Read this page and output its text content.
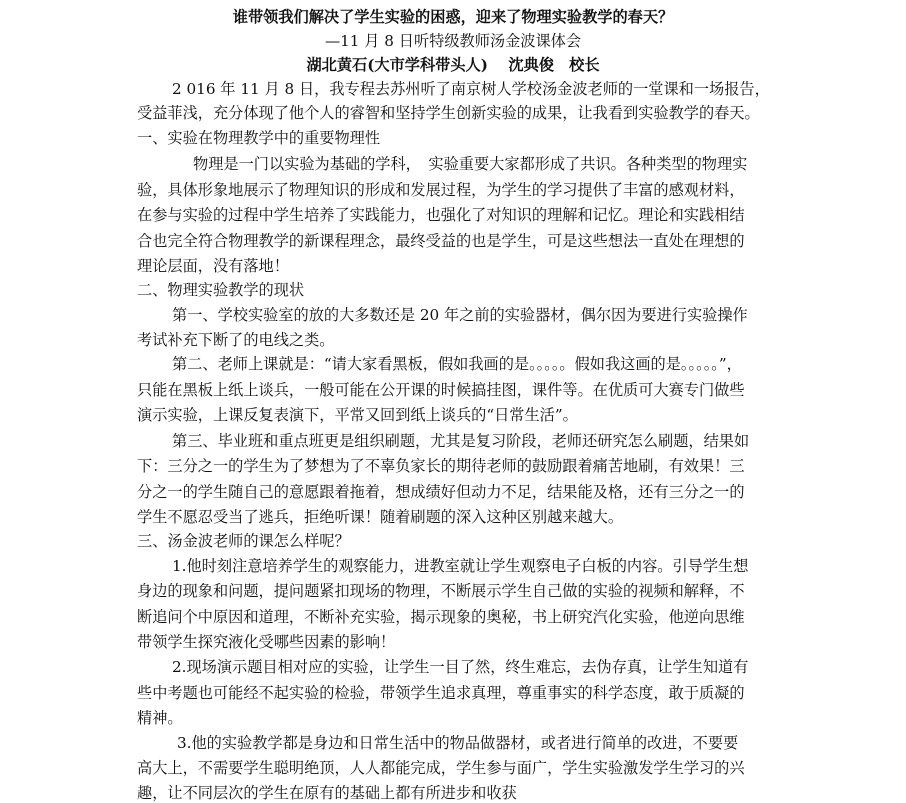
谁带领我们解决了学生实验的困惑，迎来了物理实验教学的春天？
—11 月 8 日听特级教师汤金波课体会
湖北黄石(大市学科带头人)　 沈典俊　校长
2 016 年 11 月 8 日，我专程去苏州听了南京树人学校汤金波老师的一堂课和一场报告，
受益菲浅，充分体现了他个人的睿智和坚持学生创新实验的成果，让我看到实验教学的春天。
一、实验在物理教学中的重要物理性
物理是一门以实验为基础的学科，　实验重要大家都形成了共识。各种类型的物理实
验，具体形象地展示了物理知识的形成和发展过程，为学生的学习提供了丰富的感观材料，
在参与实验的过程中学生培养了实践能力，也强化了对知识的理解和记忆。理论和实践相结
合也完全符合物理教学的新课程理念，最终受益的也是学生，可是这些想法一直处在理想的
理论层面，没有落地！
二、物理实验教学的现状
第一、学校实验室的放的大多数还是 20 年之前的实验器材，偶尔因为要进行实验操作
考试补充下断了的电线之类。
第二、老师上课就是：“请大家看黑板，假如我画的是。。。。。假如我这画的是。。。。。”，
只能在黑板上纸上谈兵，一般可能在公开课的时候搞挂图，课件等。在优质可大赛专门做些
演示实验，上课反复表演下，平常又回到纸上谈兵的“日常生活”。
第三、毕业班和重点班更是组织刷题，尤其是复习阶段，老师还研究怎么刷题，结果如
下：三分之一的学生为了梦想为了不辜负家长的期待老师的鼓励跟着痛苦地刷，有效果！三
分之一的学生随自己的意愿跟着拖着，想成绩好但动力不足，结果能及格，还有三分之一的
学生不愿忍受当了逃兵，拒绝听课！随着刷题的深入这种区别越来越大。
三、汤金波老师的课怎么样呢？
1.他时刻注意培养学生的观察能力，进教室就让学生观察电子白板的内容。引导学生想
身边的现象和问题，提问题紧扣现场的物理，不断展示学生自己做的实验的视频和解释，不
断追问个中原因和道理，不断补充实验，揭示现象的奥秘，书上研究汽化实验，他逆向思维
带领学生探究液化受哪些因素的影响！
2.现场演示题目相对应的实验，让学生一目了然，终生难忘，去伪存真，让学生知道有
些中考题也可能经不起实验的检验，带领学生追求真理，尊重事实的科学态度，敢于质凝的
精神。
3.他的实验教学都是身边和日常生活中的物品做器材，或者进行简单的改进，不要要
高大上，不需要学生聪明绝顶，人人都能完成，学生参与面广，学生实验激发学生学习的兴
趣，让不同层次的学生在原有的基础上都有所进步和收获
